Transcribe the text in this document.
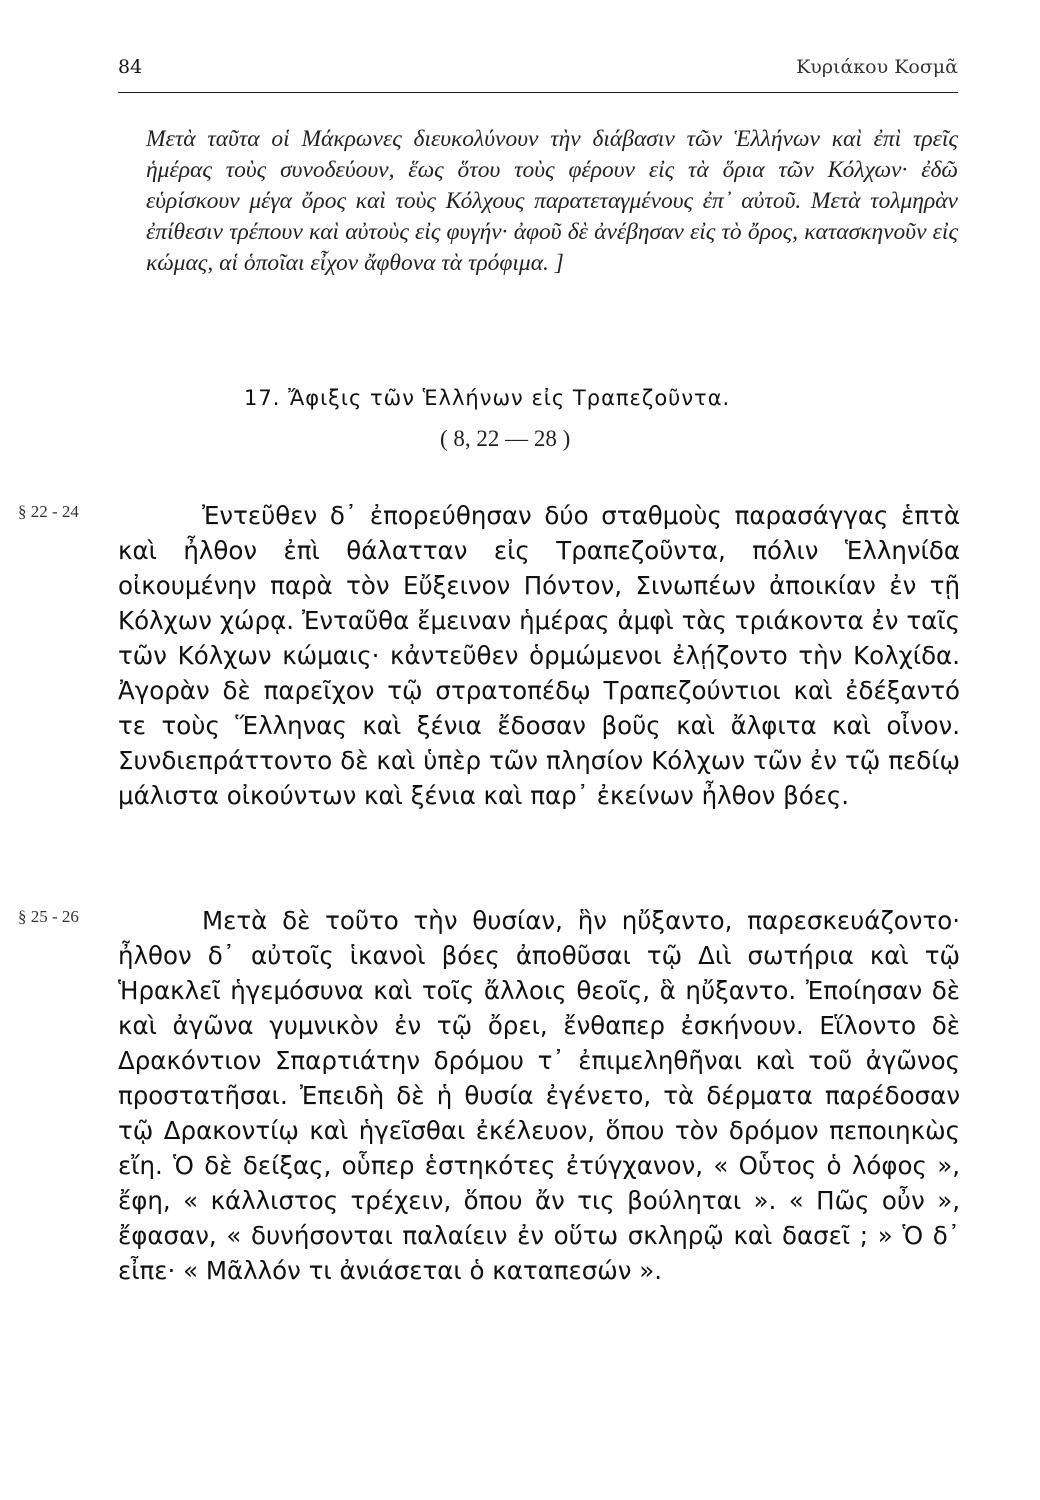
84	Κυριάκου Κοσμᾶ

Μετὰ ταῦτα οἱ Μάκρωνες διευκολύνουν τὴν διάβασιν τῶν Ἑλλήνων καὶ ἐπὶ τρεῖς ἡμέρας τοὺς συνοδεύουν, ἕως ὅτου τοὺς φέρουν εἰς τὰ ὅρια τῶν Κόλχων· ἐδῶ εὑρίσκουν μέγα ὄρος καὶ τοὺς Κόλχους παρατεταγμένους ἐπ᾽ αὐτοῦ. Μετὰ τολμηρὰν ἐπίθεσιν τρέπουν καὶ αὐτοὺς εἰς φυγήν· ἀφοῦ δὲ ἀνέβησαν εἰς τὸ ὄρος, κατασκηνοῦν εἰς κώμας, αἱ ὁποῖαι εἶχον ἄφθονα τὰ τρόφιμα. ]

17. Ἄφιξις τῶν Ἑλλήνων εἰς Τραπεζοῦντα.
( 8, 22 — 28 )
§ 22 - 24	Ἐντεῦθεν δ᾽ ἐπορεύθησαν δύο σταθμοὺς παρασάγγας ἑπτὰ καὶ ἦλθον ἐπὶ θάλατταν εἰς Τραπεζοῦντα, πόλιν Ἑλληνίδα οἰκουμένην παρὰ τὸν Εὔξεινον Πόντον, Σινωπέων ἀποικίαν ἐν τῇ Κόλχων χώρᾳ. Ἐνταῦθα ἔμειναν ἡμέρας ἀμφὶ τὰς τριάκοντα ἐν ταῖς τῶν Κόλχων κώμαις· κἀντεῦθεν ὁρμώμενοι ἐλῄζοντο τὴν Κολχίδα. Ἀγορὰν δὲ παρεῖχον τῷ στρατοπέδῳ Τραπεζούντιοι καὶ ἐδέξαντό τε τοὺς Ἕλληνας καὶ ξένια ἔδοσαν βοῦς καὶ ἄλφιτα καὶ οἶνον. Συνδιεπράττοντο δὲ καὶ ὑπὲρ τῶν πλησίον Κόλχων τῶν ἐν τῷ πεδίῳ μάλιστα οἰκούντων καὶ ξένια καὶ παρ᾽ ἐκείνων ἦλθον βόες.

§ 25 - 26	Μετὰ δὲ τοῦτο τὴν θυσίαν, ἣν ηὔξαντο, παρεσκευάζοντο· ἦλθον δ᾽ αὐτοῖς ἱκανοὶ βόες ἀποθῦσαι τῷ Διὶ σωτήρια καὶ τῷ Ἡρακλεῖ ἡγεμόσυνα καὶ τοῖς ἄλλοις θεοῖς, ἃ ηὔξαντο. Ἐποίησαν δὲ καὶ ἀγῶνα γυμνικὸν ἐν τῷ ὄρει, ἔνθαπερ ἐσκήνουν. Εἵλοντο δὲ Δρακόντιον Σπαρτιάτην δρόμου τ᾽ ἐπιμεληθῆναι καὶ τοῦ ἀγῶνος προστατῆσαι. Ἐπειδὴ δὲ ἡ θυσία ἐγένετο, τὰ δέρματα παρέδοσαν τῷ Δρακοντίῳ καὶ ἡγεῖσθαι ἐκέλευον, ὅπου τὸν δρόμον πεποιηκὼς εἴη. Ὁ δὲ δείξας, οὗπερ ἑστηκότες ἐτύγχανον, « Οὗτος ὁ λόφος », ἔφη, « κάλλιστος τρέχειν, ὅπου ἄν τις βούληται ». « Πῶς οὖν », ἔφασαν, « δυνήσονται παλαίειν ἐν οὕτω σκληρῷ καὶ δασεῖ ; » Ὁ δ᾽ εἶπε· « Μᾶλλόν τι ἀνιάσεται ὁ καταπεσών ».
